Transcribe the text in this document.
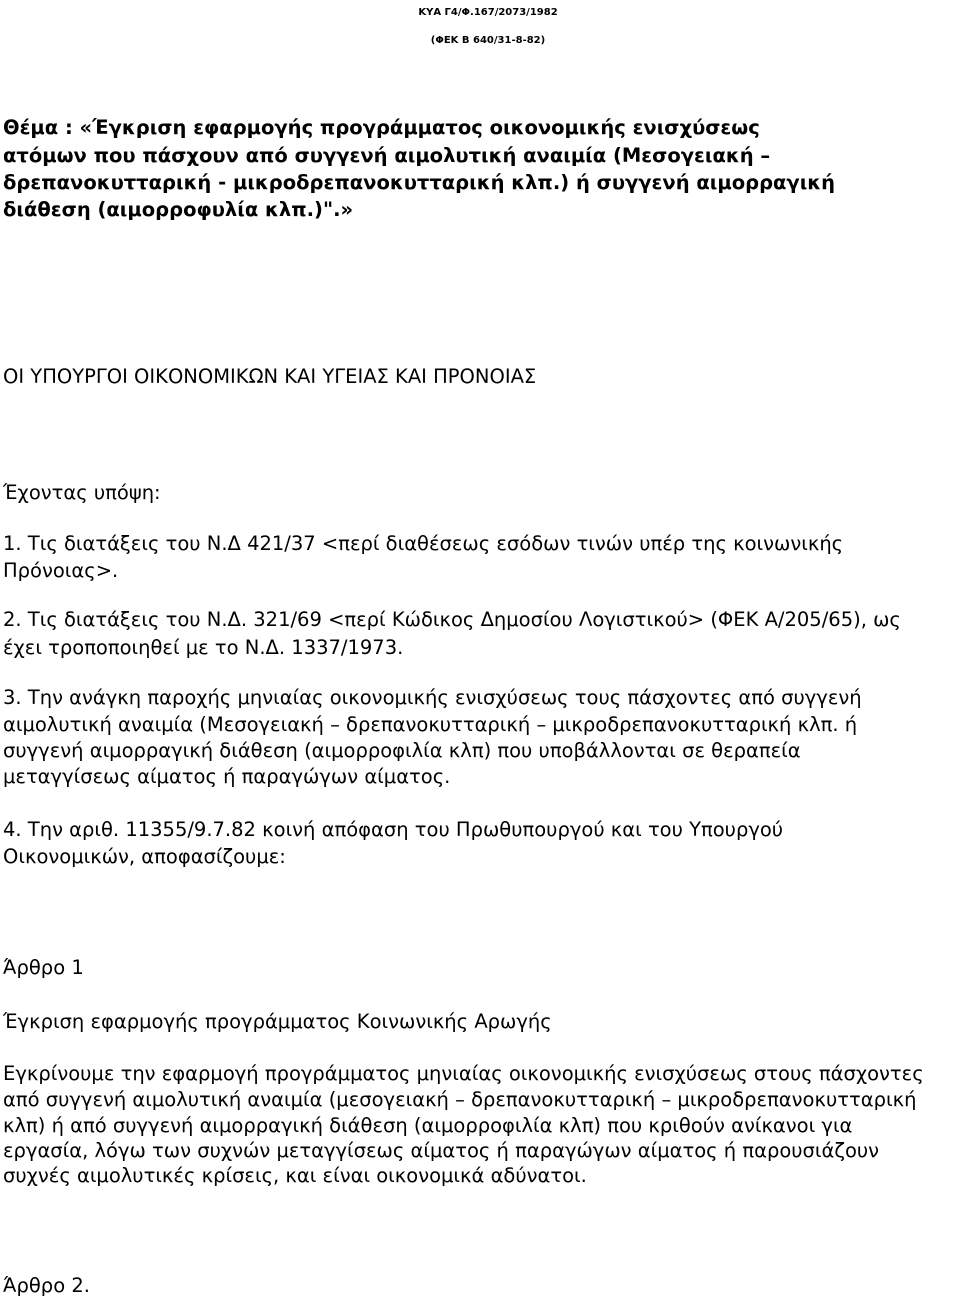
ΚΥΑ Γ4/Φ.167/2073/1982
(ΦΕΚ Β 640/31-8-82)
Θέμα : «Έγκριση εφαρμογής προγράμματος οικονομικής ενισχύσεως
ατόμων που πάσχουν από συγγενή αιμολυτική αναιμία (Μεσογειακή –
δρεπανοκυτταρική - μικροδρεπανοκυτταρική κλπ.) ή συγγενή αιμορραγική
διάθεση (αιμορροφυλία κλπ.)".»
ΟΙ ΥΠΟΥΡΓΟΙ ΟΙΚΟΝΟΜΙΚΩΝ ΚΑΙ ΥΓΕΙΑΣ ΚΑΙ ΠΡΟΝΟΙΑΣ
Έχοντας υπόψη:
1. Τις διατάξεις του Ν.Δ 421/37 <περί διαθέσεως εσόδων τινών υπέρ της κοινωνικής
Πρόνοιας>.
2. Τις διατάξεις του Ν.Δ. 321/69 <περί Κώδικος Δημοσίου Λογιστικού> (ΦΕΚ Α/205/65), ως
έχει τροποποιηθεί με το Ν.Δ. 1337/1973.
3. Την ανάγκη παροχής μηνιαίας οικονομικής ενισχύσεως τους πάσχοντες από συγγενή
αιμολυτική αναιμία (Μεσογειακή – δρεπανοκυτταρική – μικροδρεπανοκυτταρική κλπ. ή
συγγενή αιμορραγική διάθεση (αιμορροφιλία κλπ) που υποβάλλονται σε θεραπεία
μεταγγίσεως αίματος ή παραγώγων αίματος.
4. Την αριθ. 11355/9.7.82 κοινή απόφαση του Πρωθυπουργού και του Υπουργού
Οικονομικών, αποφασίζουμε:
Άρθρο 1
Έγκριση εφαρμογής προγράμματος Κοινωνικής Αρωγής
Εγκρίνουμε την εφαρμογή προγράμματος μηνιαίας οικονομικής ενισχύσεως στους πάσχοντες
από συγγενή αιμολυτική αναιμία (μεσογειακή – δρεπανοκυτταρική – μικροδρεπανοκυτταρική
κλπ) ή από συγγενή αιμορραγική διάθεση (αιμορροφιλία κλπ) που κριθούν ανίκανοι για
εργασία, λόγω των συχνών μεταγγίσεως αίματος ή παραγώγων αίματος ή παρουσιάζουν
συχνές αιμολυτικές κρίσεις, και είναι οικονομικά αδύνατοι.
Άρθρο 2.
